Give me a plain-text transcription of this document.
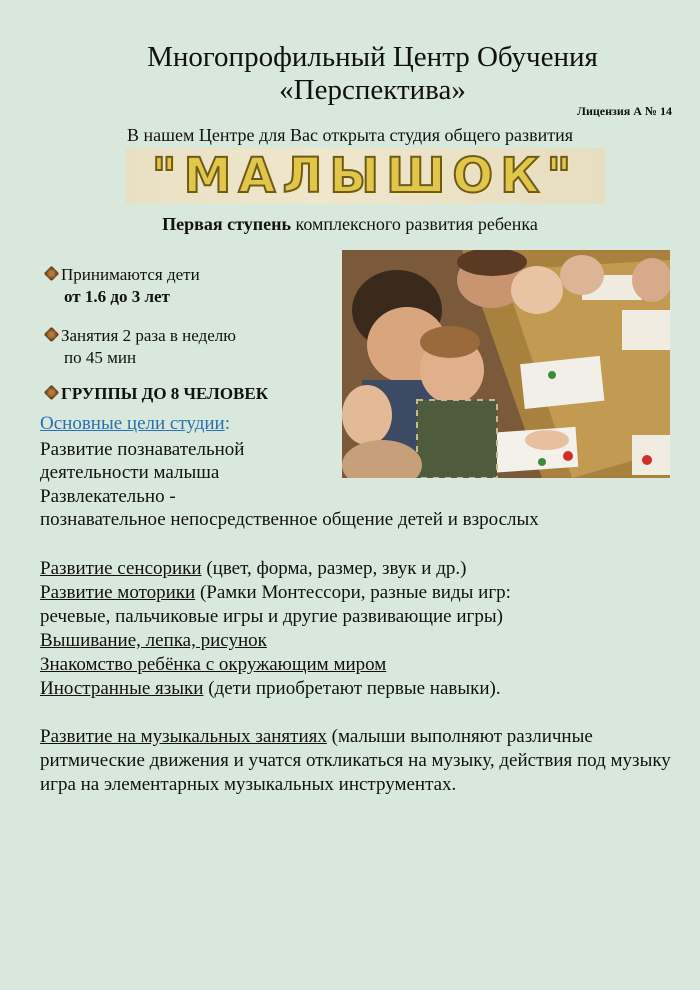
Многопрофильный Центр Обучения
«Перспектива»
Лицензия А № 14
В нашем Центре для Вас открыта студия общего развития
"МАЛЫШОК"
Первая ступень комплексного развития ребенка
Принимаются дети
от 1.6 до 3 лет
Занятия 2 раза в неделю
по 45 мин
ГРУППЫ ДО 8 ЧЕЛОВЕК
Основные цели студии:
Развитие познавательной
деятельности малыша
Развлекательно -
познавательное непосредственное общение детей и взрослых
Развитие сенсорики (цвет, форма, размер, звук и др.)
Развитие моторики (Рамки Монтессори, разные виды игр:
речевые, пальчиковые игры и другие развивающие игры)
Вышивание, лепка, рисунок
Знакомство ребёнка с окружающим миром
Иностранные языки (дети приобретают первые навыки).
Развитие на музыкальных занятиях (малыши выполняют различные ритмические движения и учатся откликаться на музыку, действия под музыку игра на элементарных музыкальных инструментах.
